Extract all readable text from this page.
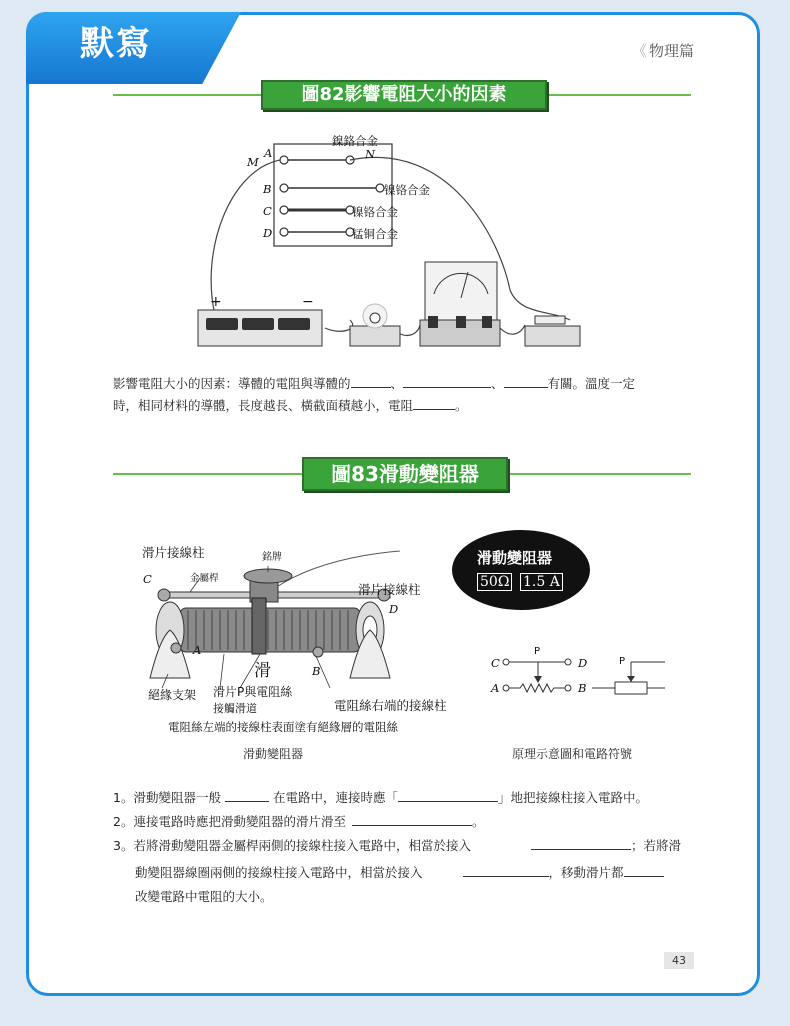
默寫	《 物理篇
圖82影響電阻大小的因素
鎳鉻合金
A
M
N
B	镍铬合金
C	镍铬合金
D	锰铜合金
+	−
影響電阻大小的因素：導體的電阻與導體的	、	、	有關。溫度一定
時，相同材料的導體，長度越長、橫截面積越小，電阻	。
圖83滑動變阻器
滑片接線柱	銘牌
金屬桿
C
滑片接線柱
D
A
滑	B
絕緣支架 滑片P與電阻絲
接觸滑道	電阻絲右端的接線柱
電阻絲左端的接線柱表面塗有絕緣層的電阻絲
滑動變阻器
50Ω 1.5 A
C	D
P
A	B
P
滑動變阻器	原理示意圖和電路符號
1。滑動變阻器一般	在電路中，連接時應「	」地把接線柱接入電路中。
2。連接電路時應把滑動變阻器的滑片滑至	。
3。若將滑動變阻器金屬桿兩側的接線柱接入電路中，相當於接入	；若將滑
動變阻器線圈兩側的接線柱接入電路中，相當於接入	，移動滑片都
改變電路中電阻的大小。
43
